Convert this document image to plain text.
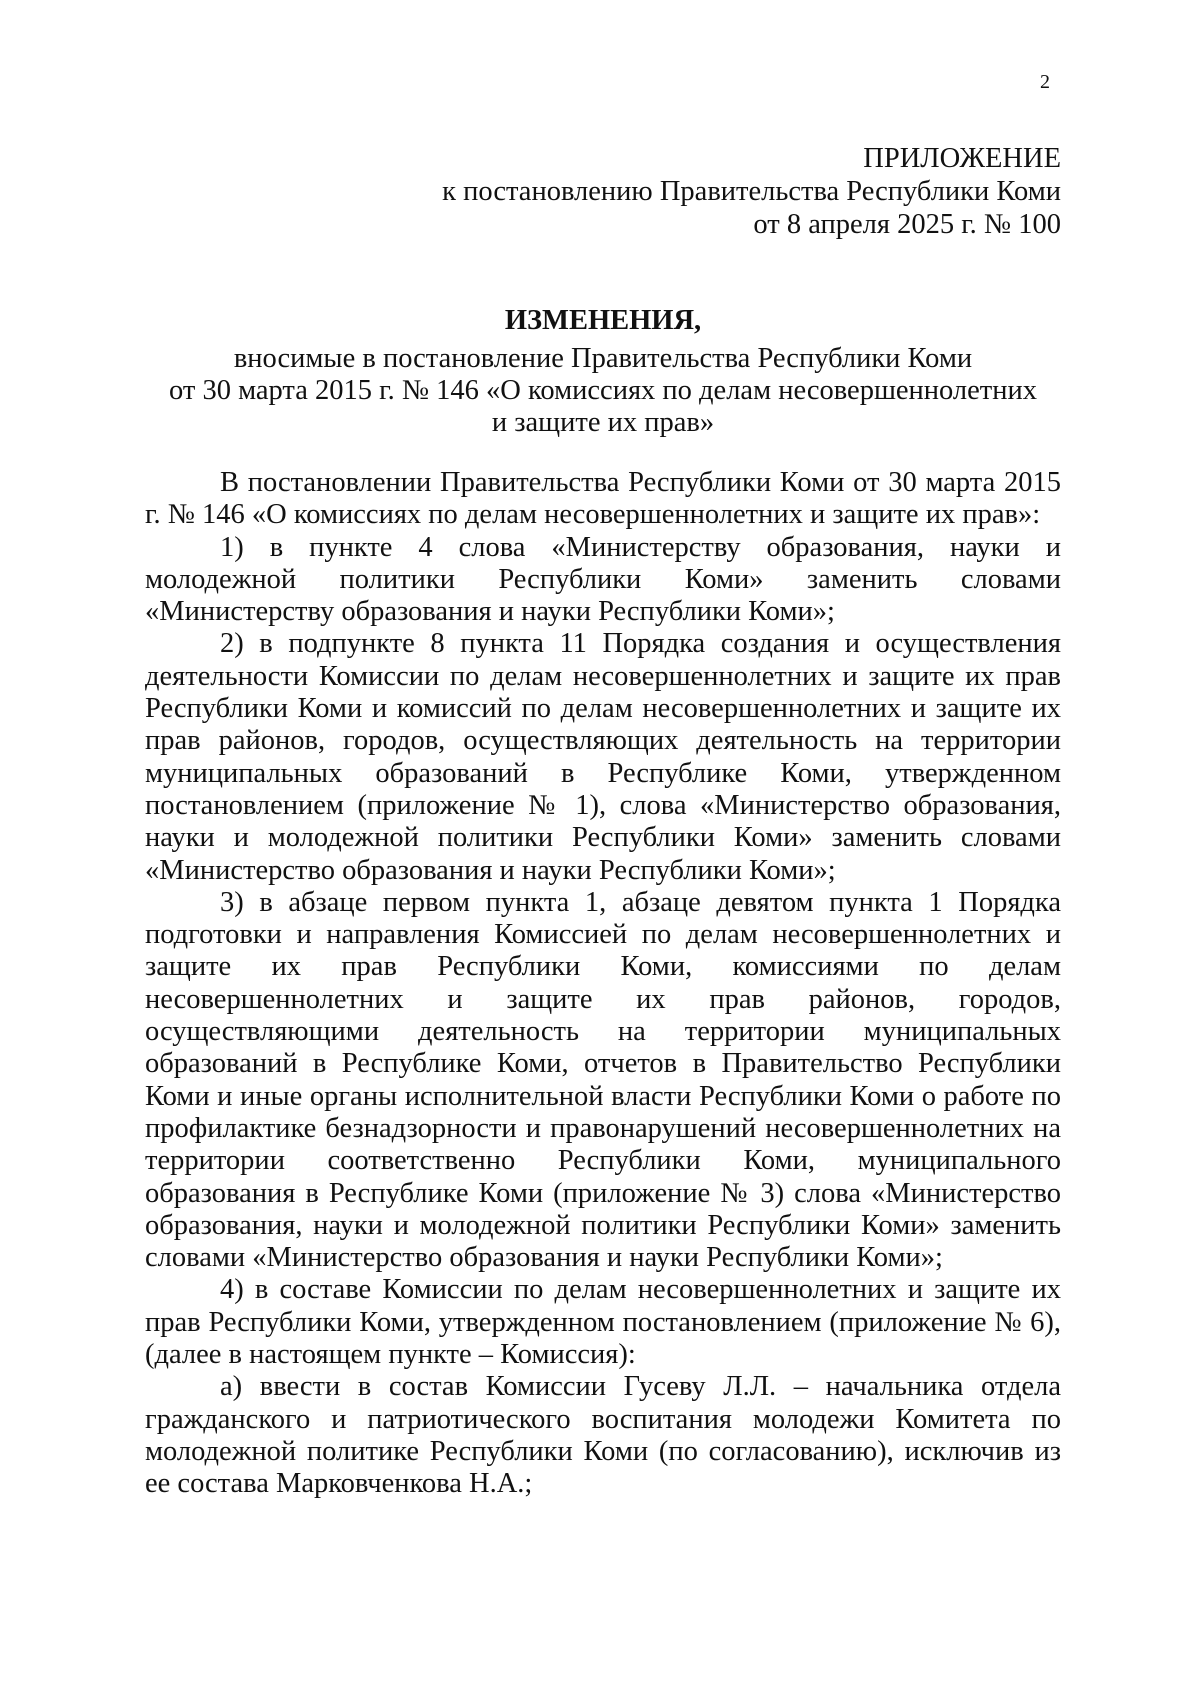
2
ПРИЛОЖЕНИЕ
к постановлению Правительства Республики Коми
от 8 апреля 2025 г. № 100
ИЗМЕНЕНИЯ,
вносимые в постановление Правительства Республики Коми
от 30 марта 2015 г. № 146 «О комиссиях по делам несовершеннолетних
и защите их прав»

В постановлении Правительства Республики Коми от 30 марта 2015 г. № 146 «О комиссиях по делам несовершеннолетних и защите их прав»:

1) в пункте 4 слова «Министерству образования, науки и молодежной политики Республики Коми» заменить словами «Министерству образования и науки Республики Коми»;

2) в подпункте 8 пункта 11 Порядка создания и осуществления деятельности Комиссии по делам несовершеннолетних и защите их прав Республики Коми и комиссий по делам несовершеннолетних и защите их прав районов, городов, осуществляющих деятельность на территории муниципальных образований в Республике Коми, утвержденном постановлением (приложение № 1), слова «Министерство образования, науки и молодежной политики Республики Коми» заменить словами «Министерство образования и науки Республики Коми»;

3) в абзаце первом пункта 1, абзаце девятом пункта 1 Порядка подготовки и направления Комиссией по делам несовершеннолетних и защите их прав Республики Коми, комиссиями по делам несовершеннолетних и защите их прав районов, городов, осуществляющими деятельность на территории муниципальных образований в Республике Коми, отчетов в Правительство Республики Коми и иные органы исполнительной власти Республики Коми о работе по профилактике безнадзорности и правонарушений несовершеннолетних на территории соответственно Республики Коми, муниципального образования в Республике Коми (приложение № 3) слова «Министерство образования, науки и молодежной политики Республики Коми» заменить словами «Министерство образования и науки Республики Коми»;

4) в составе Комиссии по делам несовершеннолетних и защите их прав Республики Коми, утвержденном постановлением (приложение № 6), (далее в настоящем пункте – Комиссия):

а) ввести в состав Комиссии Гусеву Л.Л. – начальника отдела гражданского и патриотического воспитания молодежи Комитета по молодежной политике Республики Коми (по согласованию), исключив из ее состава Марковченкова Н.А.;
